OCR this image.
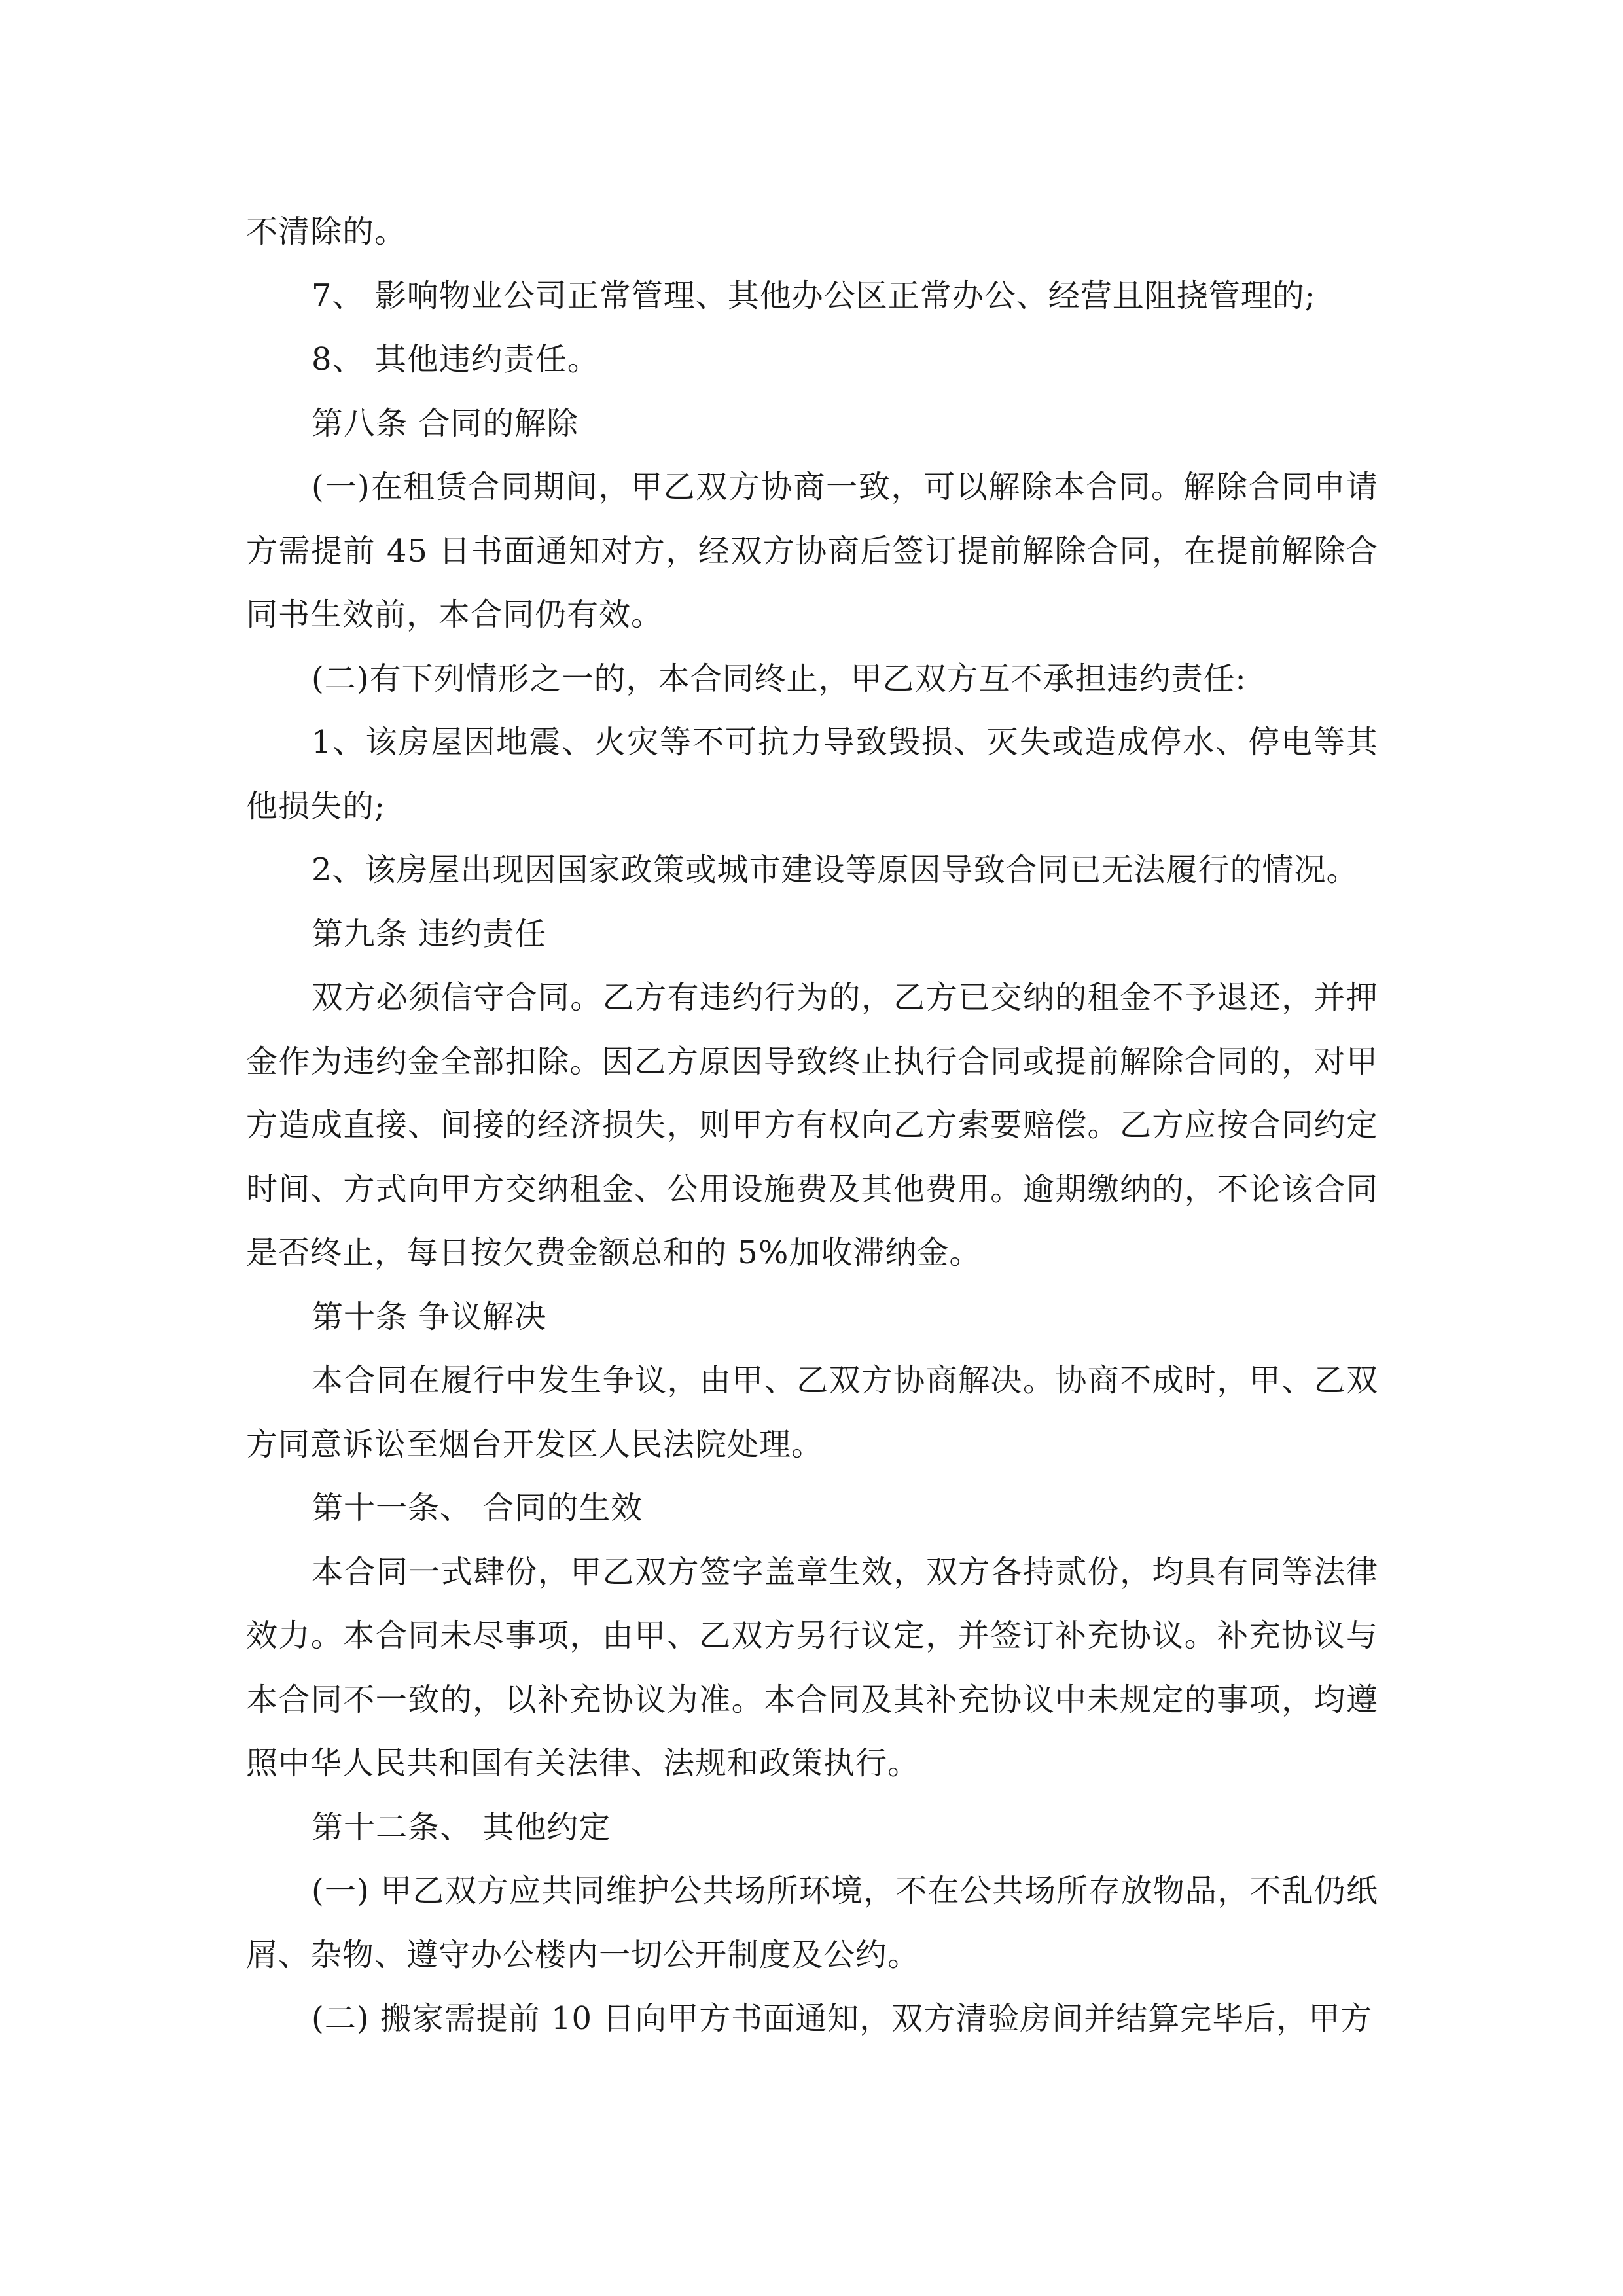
不清除的。

7、 影响物业公司正常管理、其他办公区正常办公、经营且阻挠管理的;

8、 其他违约责任。

第八条 合同的解除

(一)在租赁合同期间，甲乙双方协商一致，可以解除本合同。解除合同申请方需提前 45 日书面通知对方，经双方协商后签订提前解除合同，在提前解除合同书生效前，本合同仍有效。

(二)有下列情形之一的，本合同终止，甲乙双方互不承担违约责任:

1、该房屋因地震、火灾等不可抗力导致毁损、灭失或造成停水、停电等其他损失的;

2、该房屋出现因国家政策或城市建设等原因导致合同已无法履行的情况。

第九条 违约责任

双方必须信守合同。乙方有违约行为的，乙方已交纳的租金不予退还，并押金作为违约金全部扣除。因乙方原因导致终止执行合同或提前解除合同的，对甲方造成直接、间接的经济损失，则甲方有权向乙方索要赔偿。乙方应按合同约定时间、方式向甲方交纳租金、公用设施费及其他费用。逾期缴纳的，不论该合同是否终止，每日按欠费金额总和的 5%加收滞纳金。

第十条 争议解决

本合同在履行中发生争议，由甲、乙双方协商解决。协商不成时，甲、乙双方同意诉讼至烟台开发区人民法院处理。

第十一条、 合同的生效

本合同一式肆份，甲乙双方签字盖章生效，双方各持贰份，均具有同等法律效力。本合同未尽事项，由甲、乙双方另行议定，并签订补充协议。补充协议与本合同不一致的，以补充协议为准。本合同及其补充协议中未规定的事项，均遵照中华人民共和国有关法律、法规和政策执行。

第十二条、 其他约定

(一) 甲乙双方应共同维护公共场所环境，不在公共场所存放物品，不乱仍纸屑、杂物、遵守办公楼内一切公开制度及公约。

(二) 搬家需提前 10 日向甲方书面通知，双方清验房间并结算完毕后，甲方
